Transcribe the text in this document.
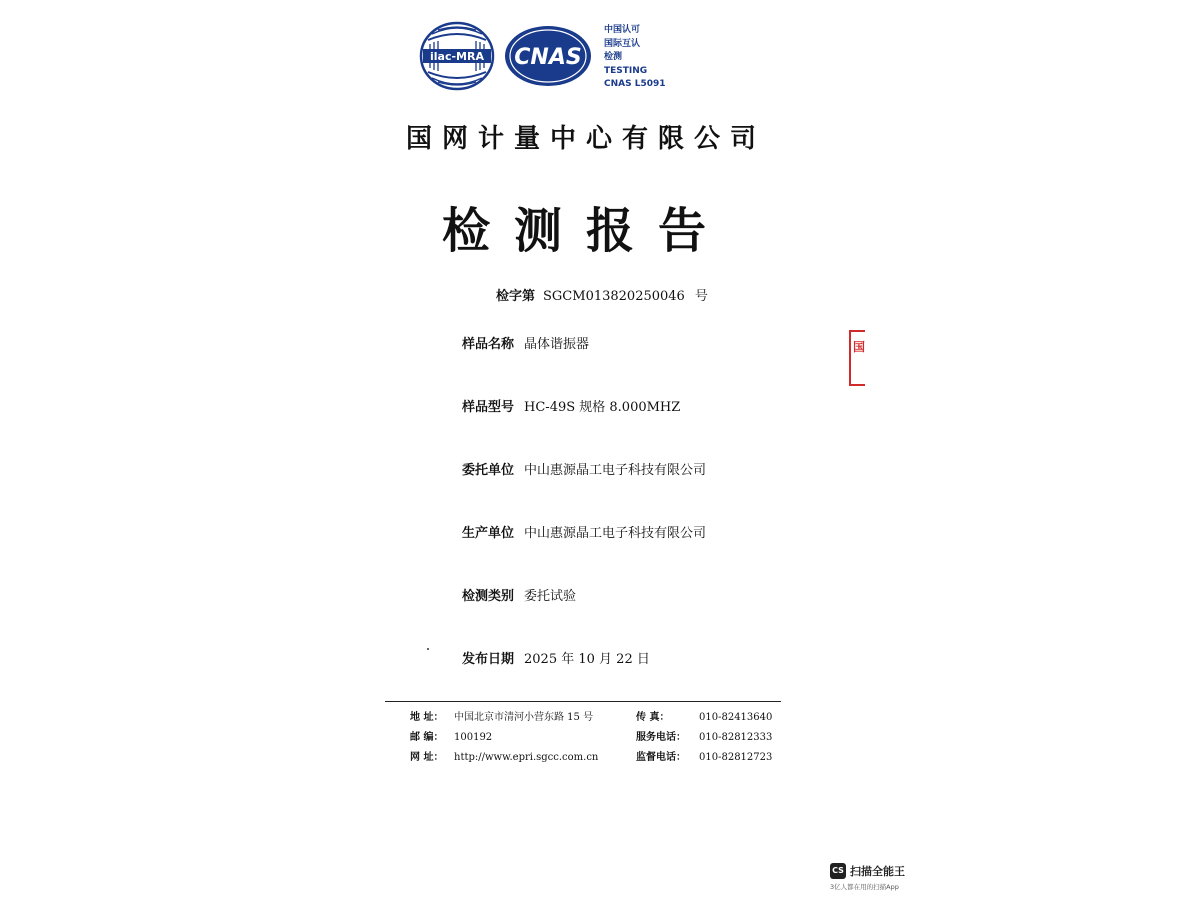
ilac-MRA CNAS
中国认可
国际互认
检测
TESTING
CNAS L5091
国网计量中心有限公司
检测报告
检字第 SGCM013820250046 号
样品名称 晶体谐振器
样品型号 HC-49S 规格 8.000MHZ
委托单位 中山惠源晶工电子科技有限公司
生产单位 中山惠源晶工电子科技有限公司
检测类别 委托试验
发布日期 2025 年 10 月 22 日
国
地 址： 中国北京市清河小营东路 15 号
邮 编： 100192
网 址： http://www.epri.sgcc.com.cn
传 真：	010-82413640
服务电话： 010-82812333
监督电话： 010-82812723
CS 扫描全能王
3亿人都在用的扫描App
